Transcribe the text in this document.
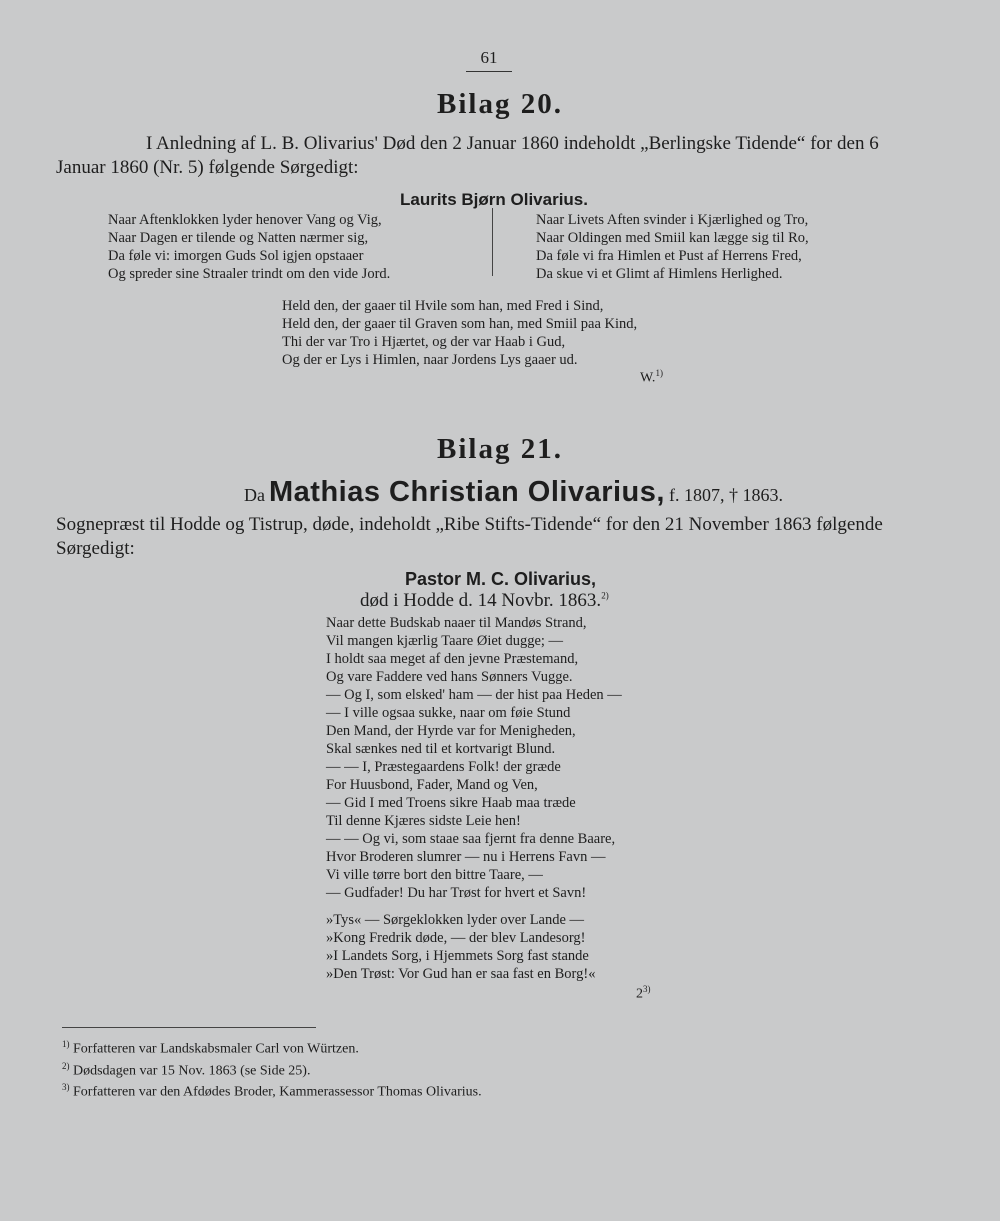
61
Bilag 20.
I Anledning af L. B. Olivarius' Død den 2 Januar 1860 indeholdt „Berlingske Tidende“ for den 6
Januar 1860 (Nr. 5) følgende Sørgedigt:
Laurits Bjørn Olivarius.
Naar Aftenklokken lyder henover Vang og Vig,
Naar Dagen er tilende og Natten nærmer sig,
Da føle vi: imorgen Guds Sol igjen opstaaer
Og spreder sine Straaler trindt om den vide Jord.
Naar Livets Aften svinder i Kjærlighed og Tro,
Naar Oldingen med Smiil kan lægge sig til Ro,
Da føle vi fra Himlen et Pust af Herrens Fred,
Da skue vi et Glimt af Himlens Herlighed.
Held den, der gaaer til Hvile som han, med Fred i Sind,
Held den, der gaaer til Graven som han, med Smiil paa Kind,
Thi der var Tro i Hjærtet, og der var Haab i Gud,
Og der er Lys i Himlen, naar Jordens Lys gaaer ud.
W.$^{1)}$
Bilag 21.
Da Mathias Christian Olivarius, f. 1807, † 1863.
Sognepræst til Hodde og Tistrup, døde, indeholdt „Ribe Stifts-Tidende“ for den 21 November 1863 følgende
Sørgedigt:
Pastor M. C. Olivarius,
død i Hodde d. 14 Novbr. 1863.$^{2)}$
Naar dette Budskab naaer til Mandøs Strand,
Vil mangen kjærlig Taare Øiet dugge; —
I holdt saa meget af den jevne Præstemand,
Og vare Faddere ved hans Sønners Vugge.
— Og I, som elsked' ham — der hist paa Heden —
— I ville ogsaa sukke, naar om føie Stund
Den Mand, der Hyrde var for Menigheden,
Skal sænkes ned til et kortvarigt Blund.
— — I, Præstegaardens Folk! der græde
For Huusbond, Fader, Mand og Ven,
— Gid I med Troens sikre Haab maa træde
Til denne Kjæres sidste Leie hen!
— — Og vi, som staae saa fjernt fra denne Baare,
Hvor Broderen slumrer — nu i Herrens Favn —
Vi ville tørre bort den bittre Taare, —
— Gudfader! Du har Trøst for hvert et Savn!
»Tys« — Sørgeklokken lyder over Lande —
»Kong Fredrik døde, — der blev Landesorg!
»I Landets Sorg, i Hjemmets Sorg fast stande
»Den Trøst: Vor Gud han er saa fast en Borg!«
2$^{3)}$
$^{1)}$ Forfatteren var Landskabsmaler Carl von Würtzen.
$^{2)}$ Dødsdagen var 15 Nov. 1863 (se Side 25).
$^{3)}$ Forfatteren var den Afdødes Broder, Kammerassessor Thomas Olivarius.
